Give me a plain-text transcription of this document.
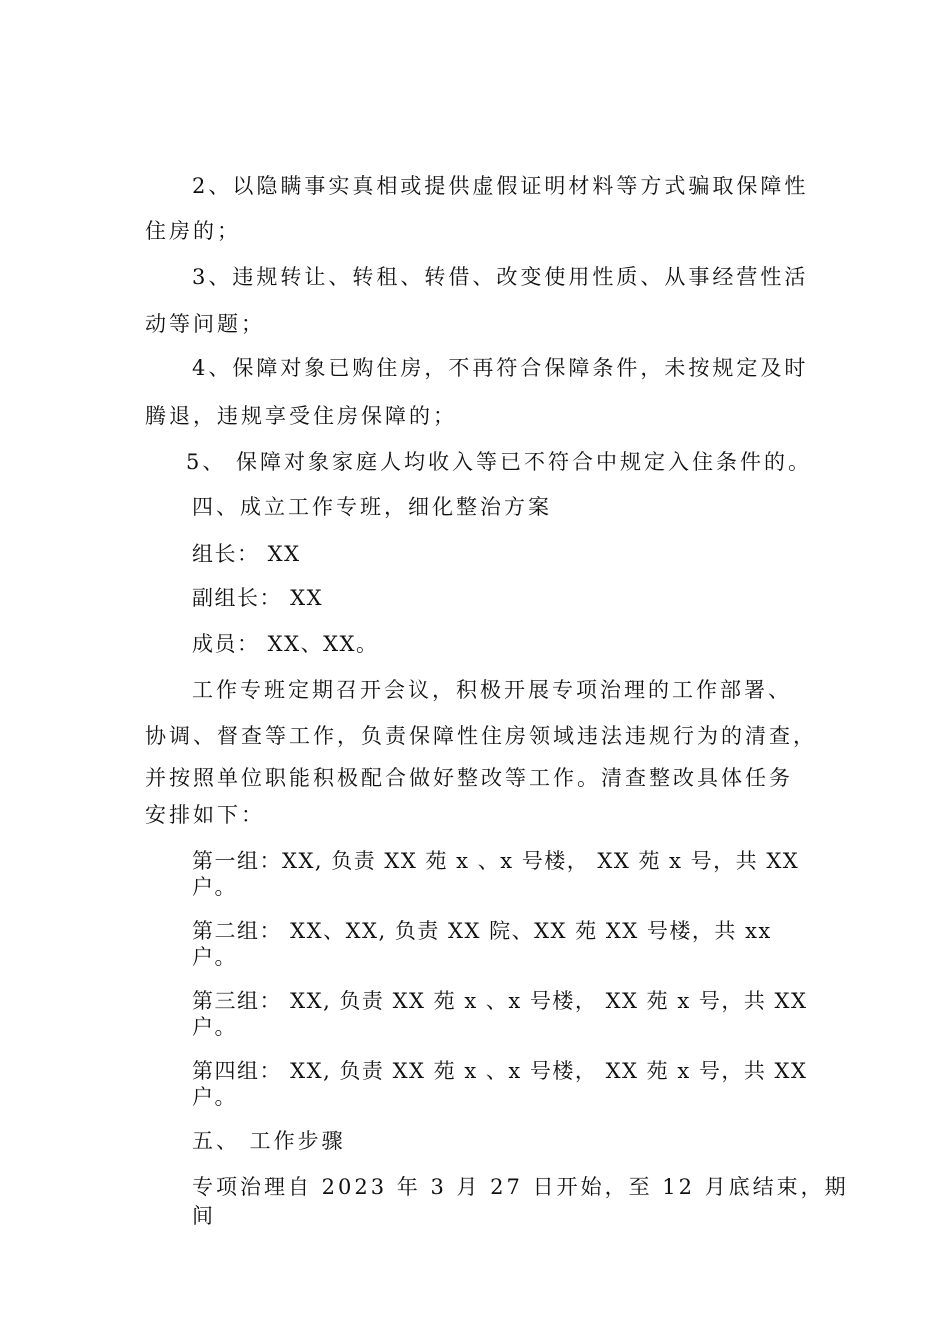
2、以隐瞒事实真相或提供虚假证明材料等方式骗取保障性
住房的；
3、违规转让、转租、转借、改变使用性质、从事经营性活
动等问题；
4、保障对象已购住房，不再符合保障条件，未按规定及时
腾退，违规享受住房保障的；
5、 保障对象家庭人均收入等已不符合中规定入住条件的。
四、成立工作专班，细化整治方案
组长： XX
副组长： XX
成员： XX、XX。
工作专班定期召开会议，积极开展专项治理的工作部署、
协调、督查等工作，负责保障性住房领域违法违规行为的清查，
并按照单位职能积极配合做好整改等工作。清查整改具体任务
安排如下：
第一组：XX, 负责 XX 苑 x 、x 号楼， XX 苑 x 号，共 XX
户。
第二组： XX、XX, 负责 XX 院、XX 苑 XX 号楼，共 xx
户。
第三组： XX, 负责 XX 苑 x 、x 号楼， XX 苑 x 号，共 XX
户。
第四组： XX, 负责 XX 苑 x 、x 号楼， XX 苑 x 号，共 XX
户。
五、 工作步骤
专项治理自 2023 年 3 月 27 日开始，至 12 月底结束，期
间
